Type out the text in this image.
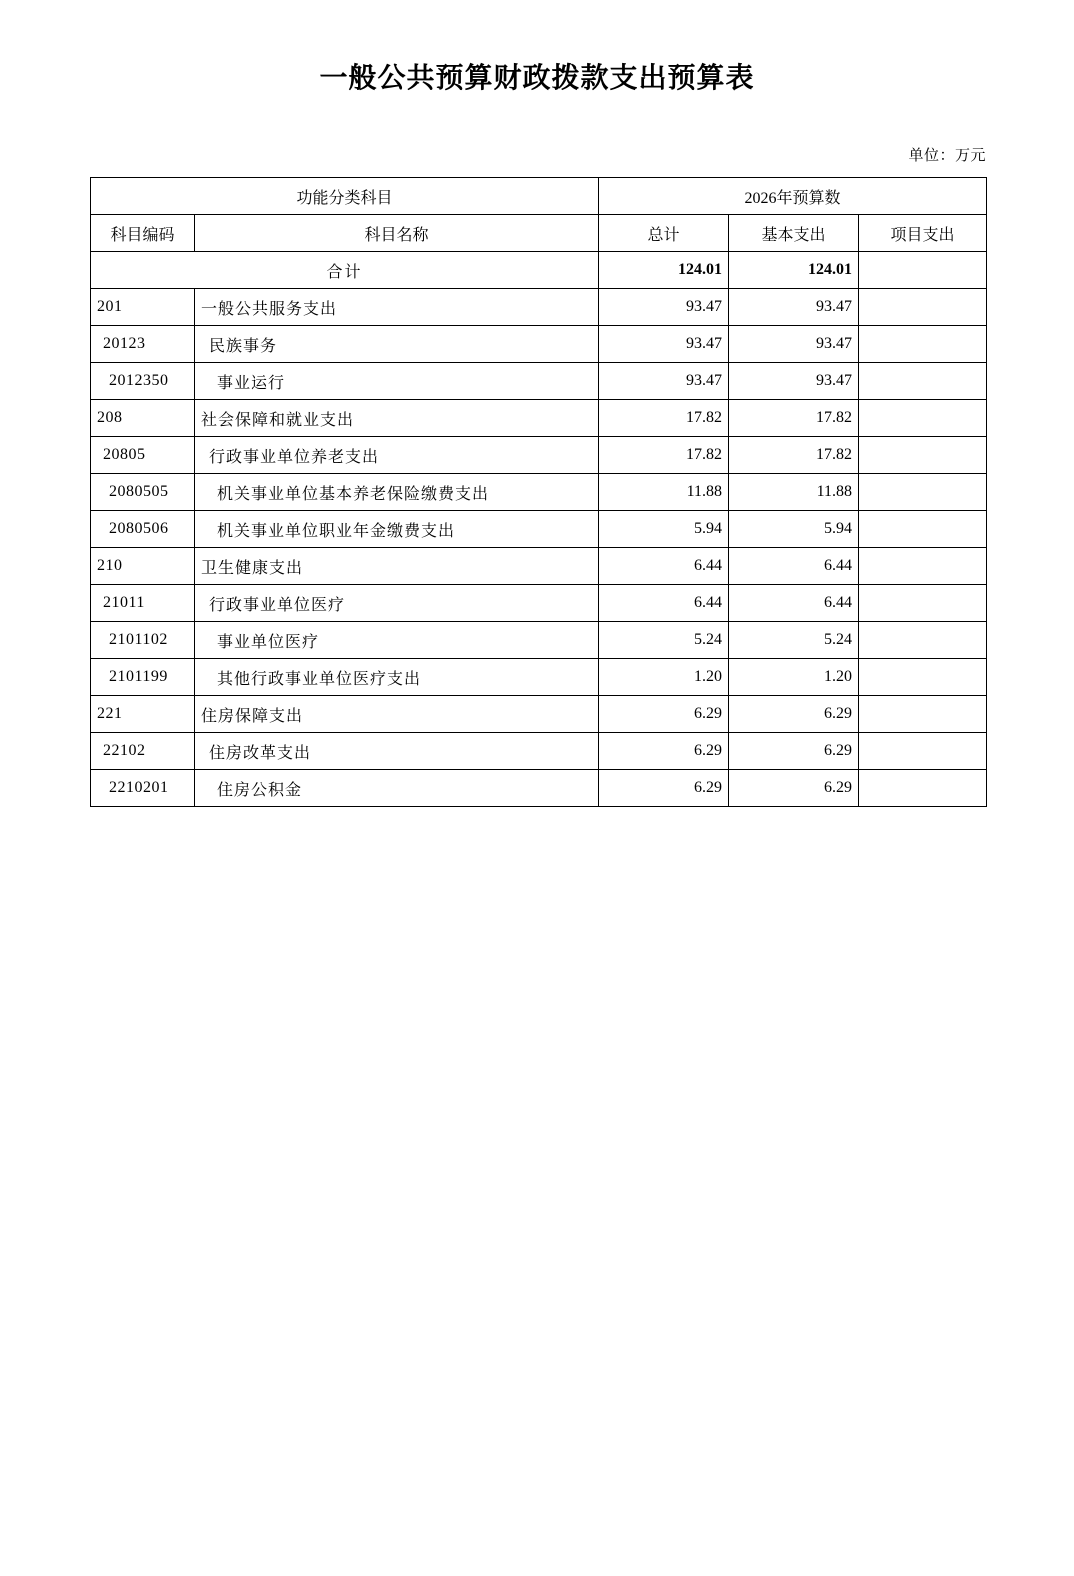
一般公共预算财政拨款支出预算表
单位：万元
功能分类科目		2026年预算数		
科目编码	科目名称	总计	基本支出	项目支出
合计		124.01	124.01	
201	一般公共服务支出	93.47	93.47	
20123	民族事务	93.47	93.47	
2012350	事业运行	93.47	93.47	
208	社会保障和就业支出	17.82	17.82	
20805	行政事业单位养老支出	17.82	17.82	
2080505	机关事业单位基本养老保险缴费支出	11.88	11.88	
2080506	机关事业单位职业年金缴费支出	5.94	5.94	
210	卫生健康支出	6.44	6.44	
21011	行政事业单位医疗	6.44	6.44	
2101102	事业单位医疗	5.24	5.24	
2101199	其他行政事业单位医疗支出	1.20	1.20	
221	住房保障支出	6.29	6.29	
22102	住房改革支出	6.29	6.29	
2210201	住房公积金	6.29	6.29	
